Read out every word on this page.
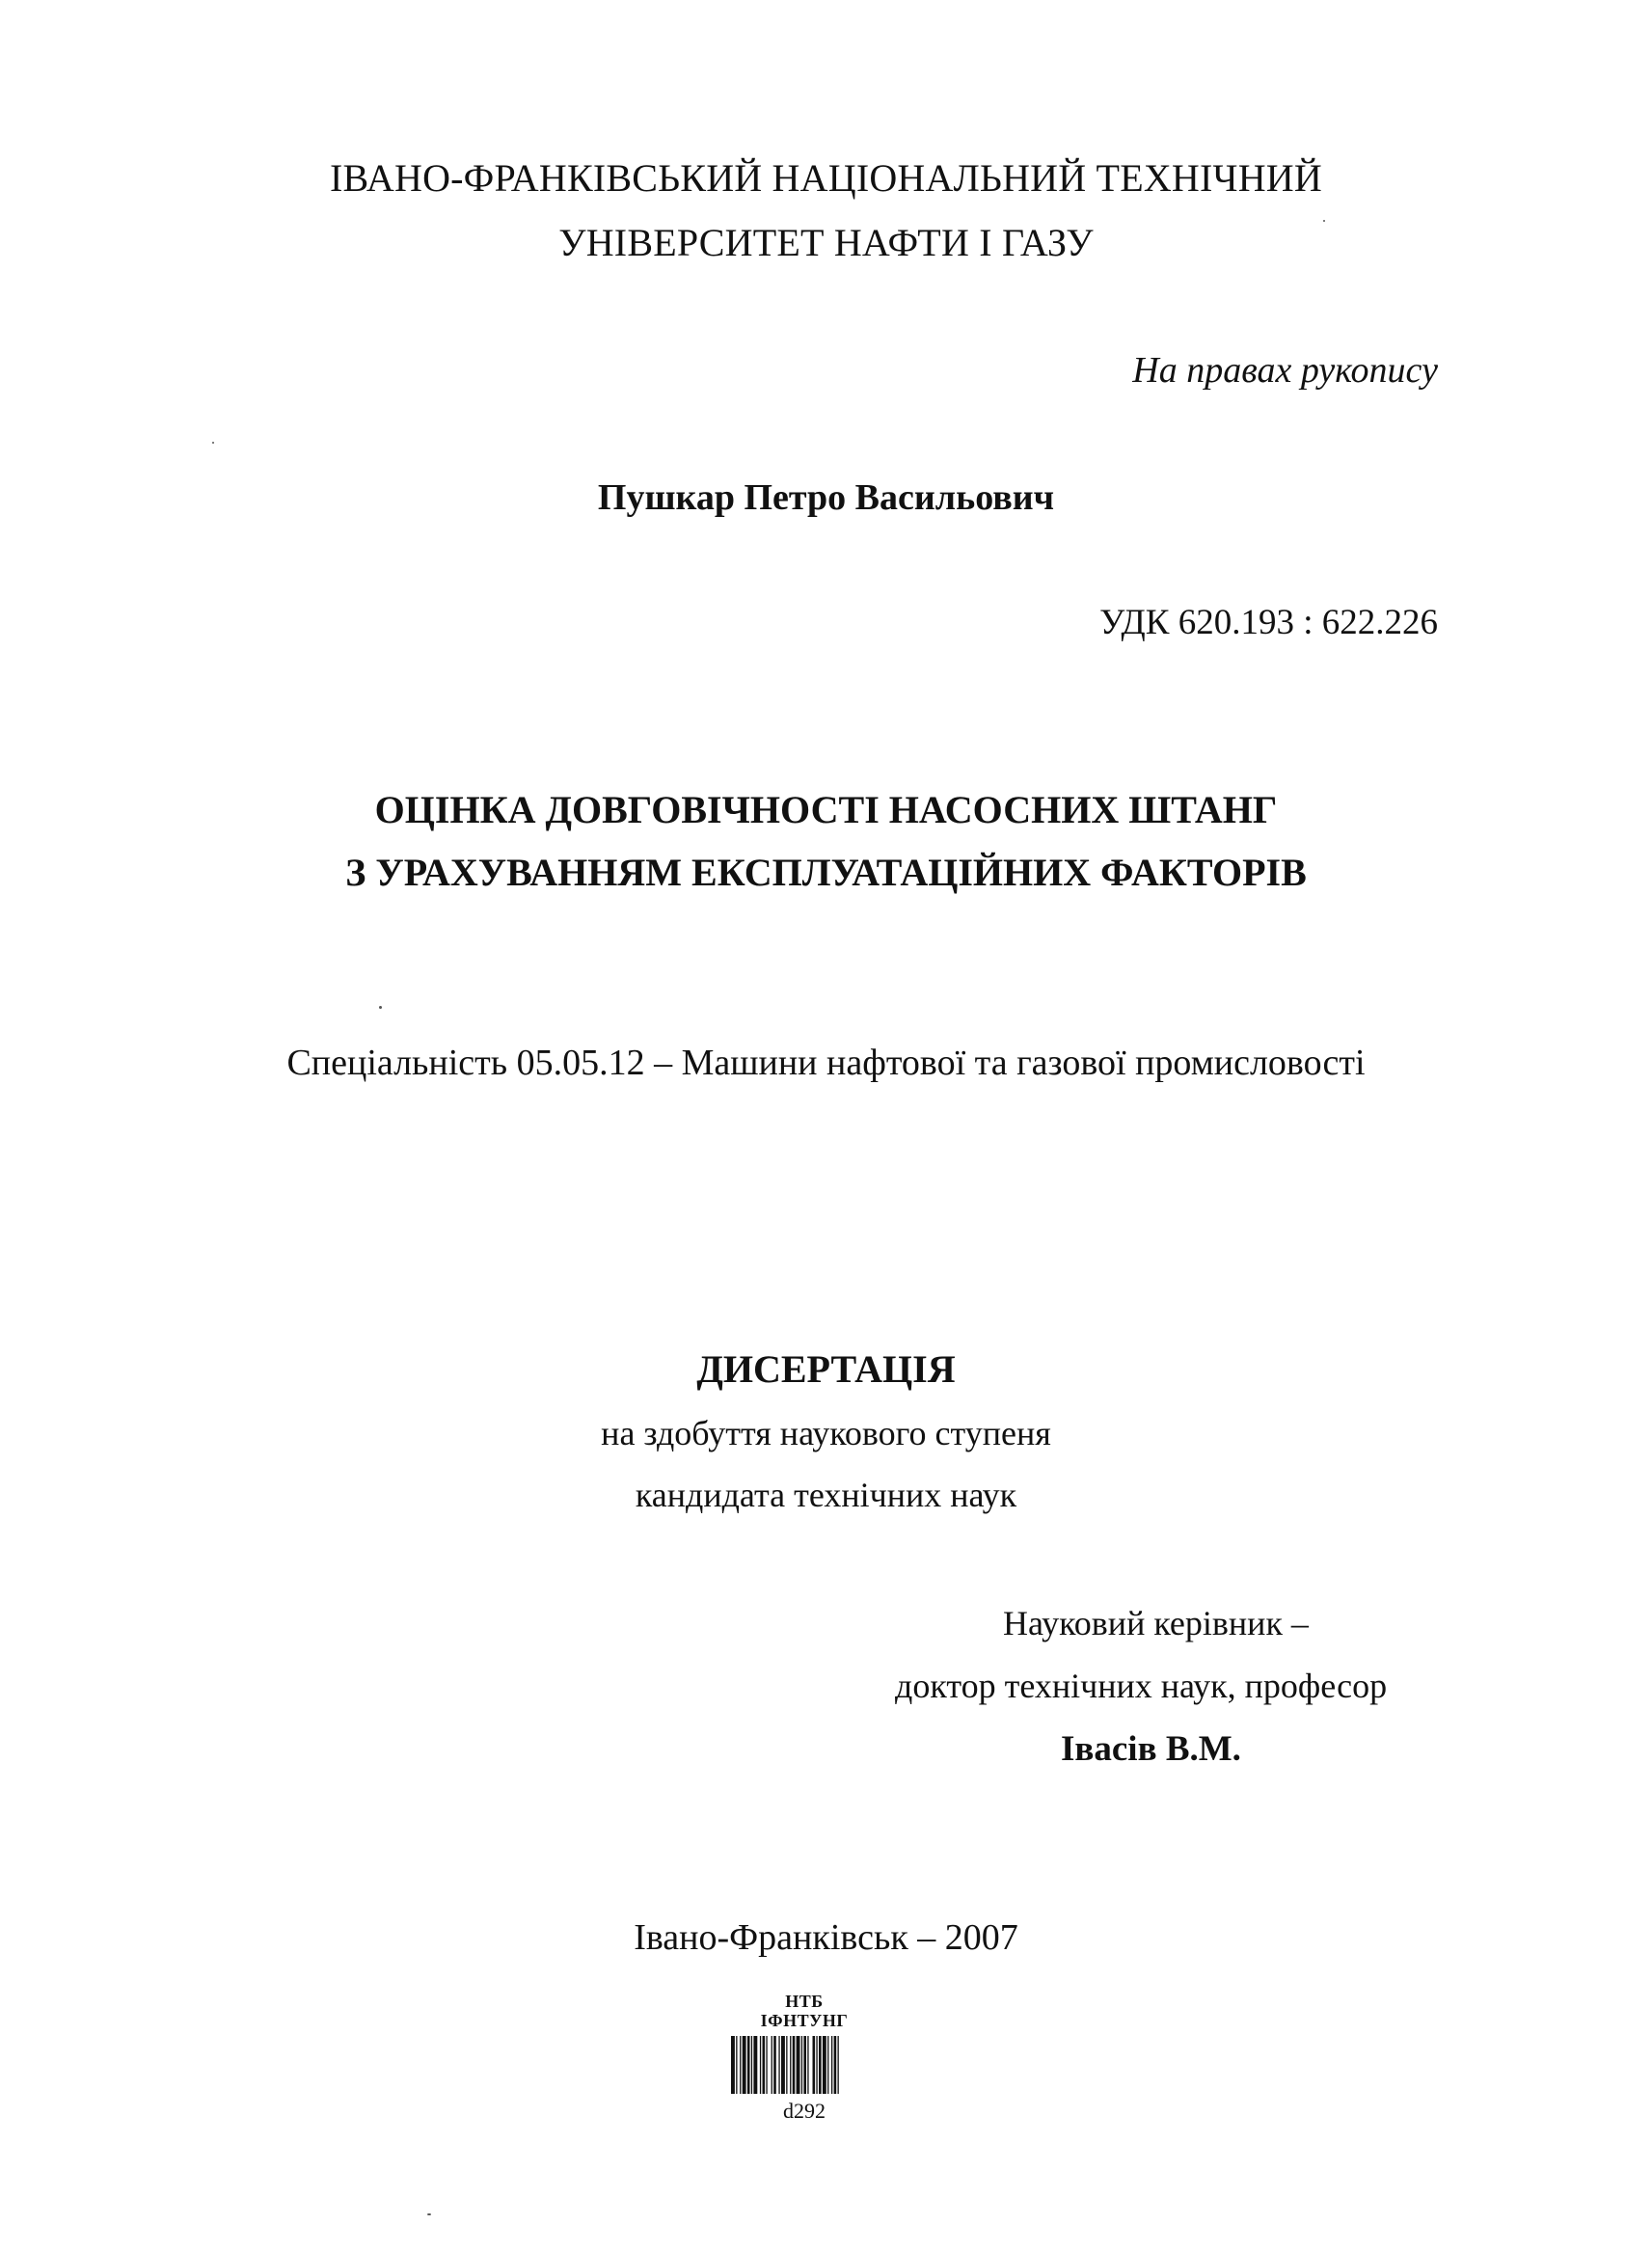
ІВАНО-ФРАНКІВСЬКИЙ НАЦІОНАЛЬНИЙ ТЕХНІЧНИЙ
УНІВЕРСИТЕТ НАФТИ І ГАЗУ
На правах рукопису
Пушкар Петро Васильович
УДК 620.193 : 622.226
ОЦІНКА ДОВГОВІЧНОСТІ НАСОСНИХ ШТАНГ
З УРАХУВАННЯМ ЕКСПЛУАТАЦІЙНИХ ФАКТОРІВ
Спеціальність 05.05.12 – Машини нафтової та газової промисловості
ДИСЕРТАЦІЯ
на здобуття наукового ступеня
кандидата технічних наук
Науковий керівник –
доктор технічних наук, професор
Івасів В.М.
Івано-Франківськ – 2007
НТБ
ІФНТУНГ
d292
